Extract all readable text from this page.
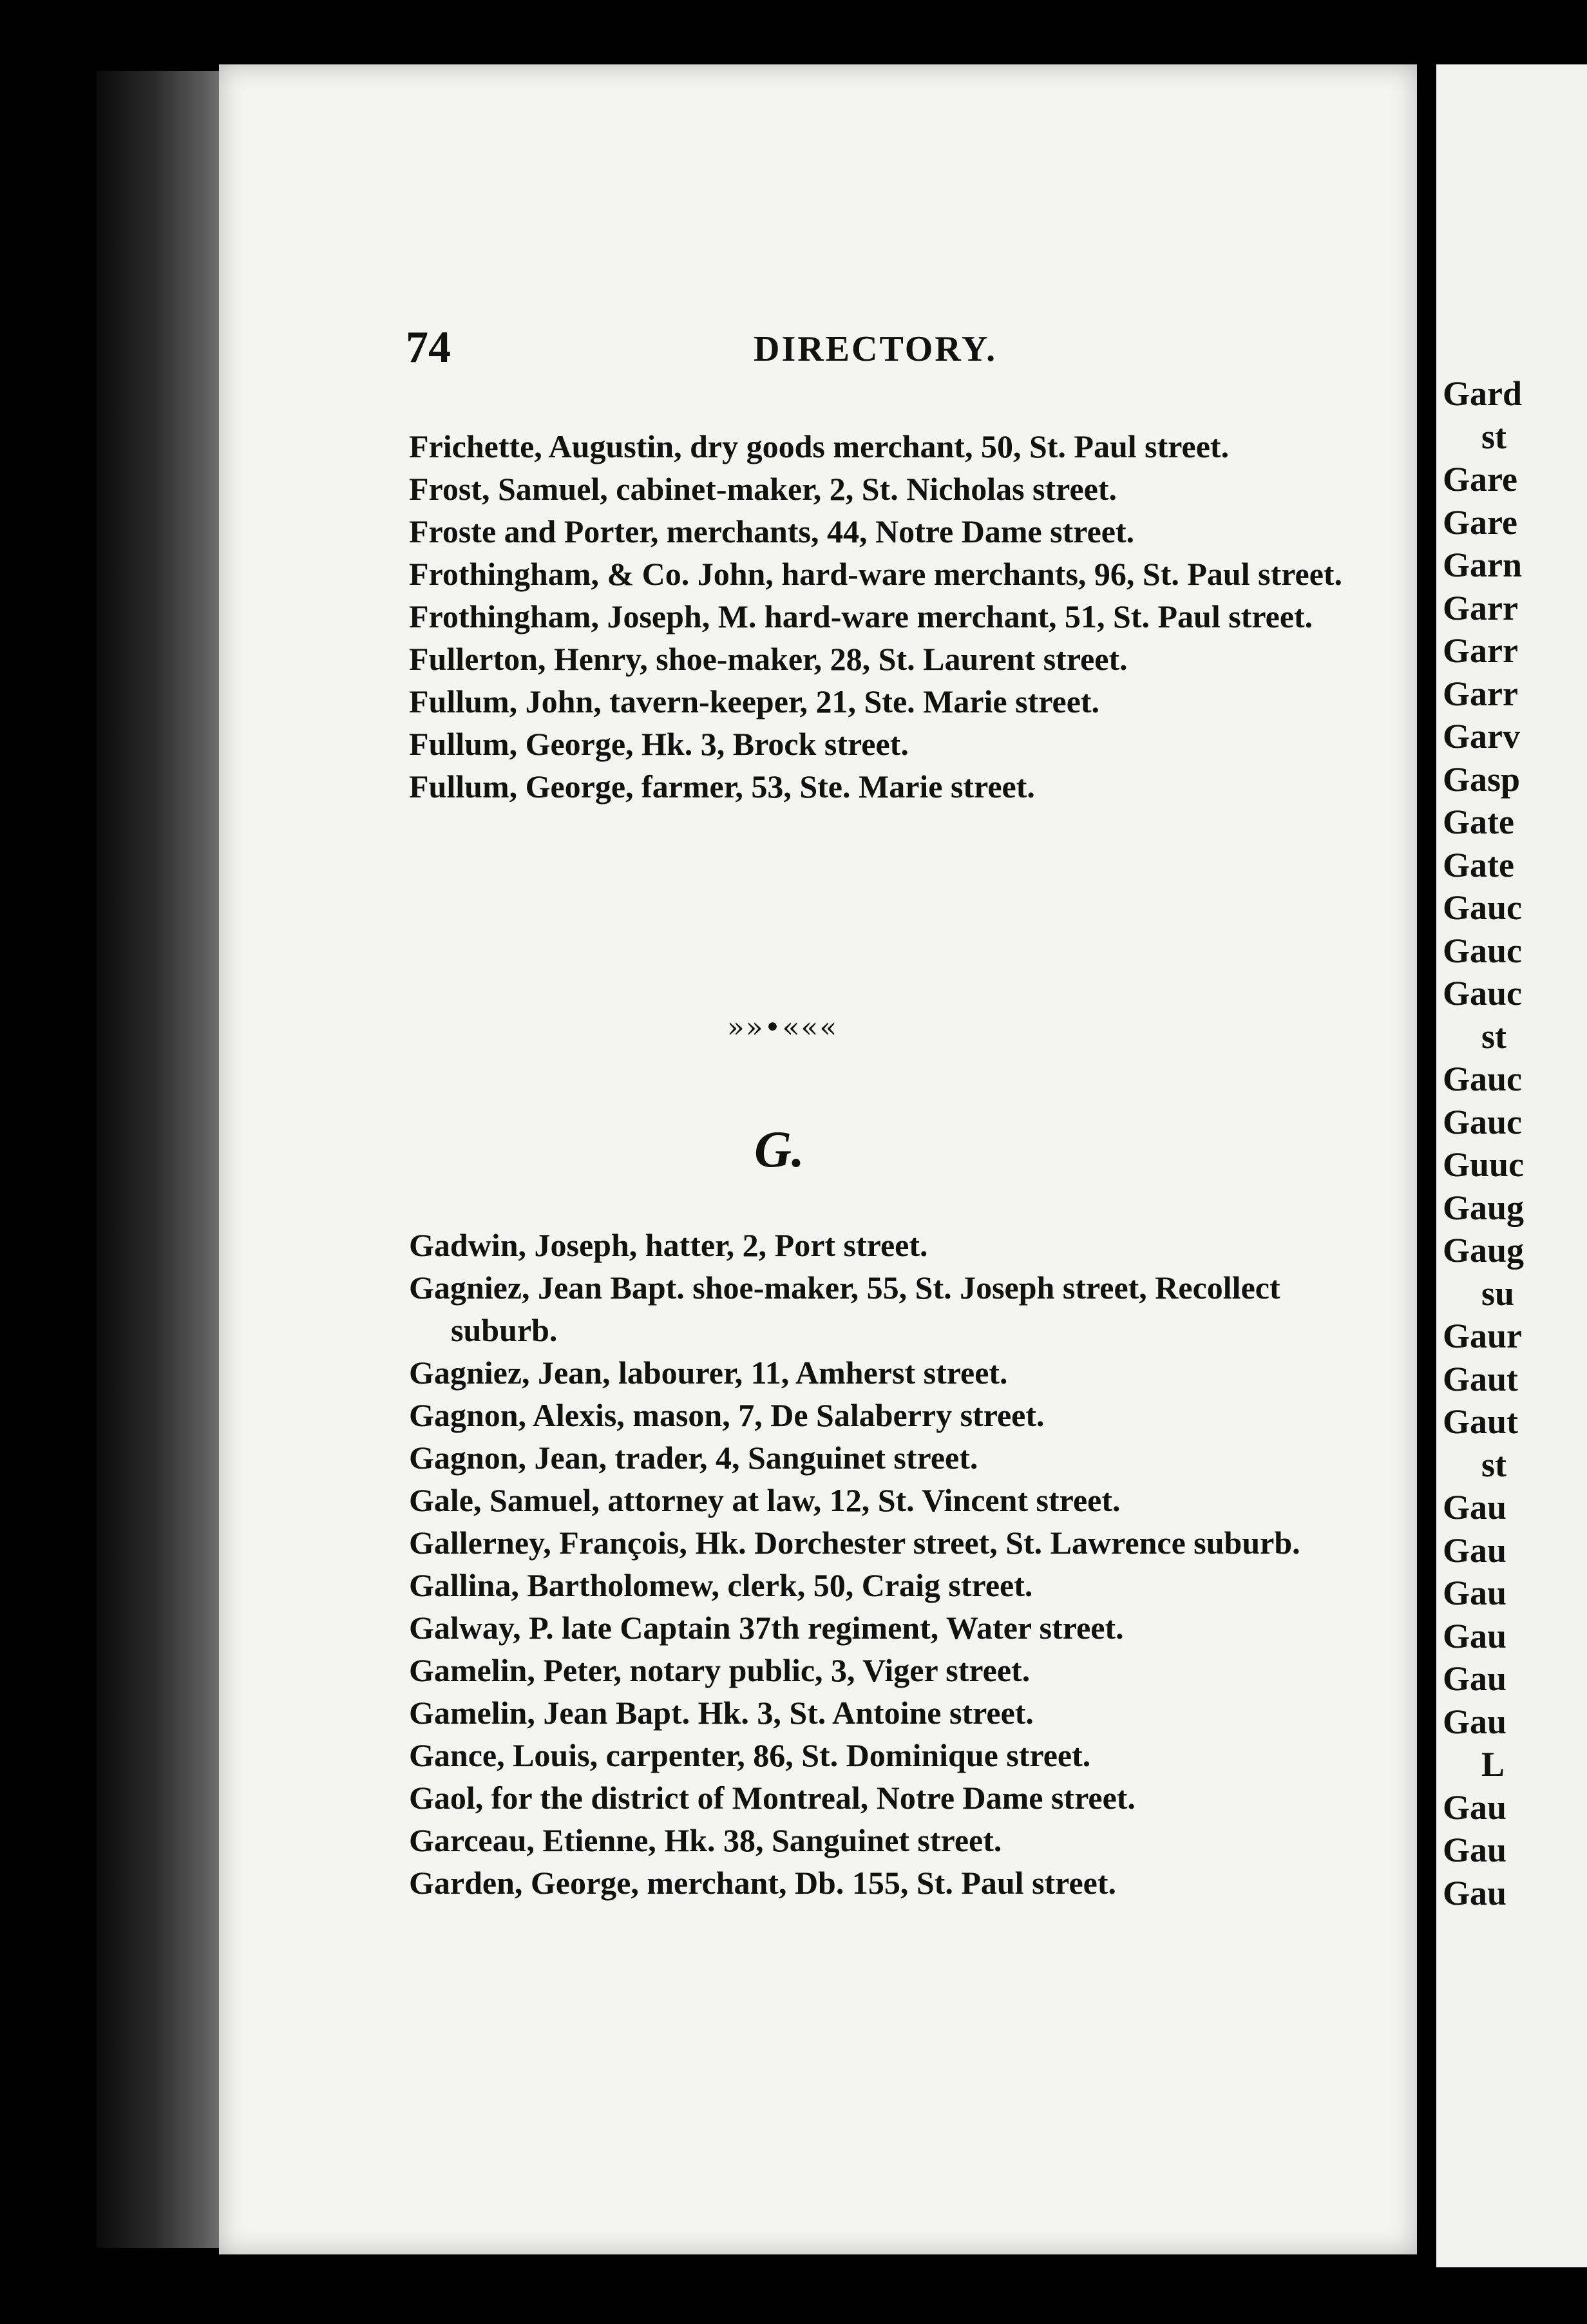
74	DIRECTORY.
Frichette, Augustin, dry goods merchant, 50, St. Paul street.
Frost, Samuel, cabinet-maker, 2, St. Nicholas street.
Froste and Porter, merchants, 44, Notre Dame street.
Frothingham, & Co. John, hard-ware merchants, 96, St. Paul street.
Frothingham, Joseph, M. hard-ware merchant, 51, St. Paul street.
Fullerton, Henry, shoe-maker, 28, St. Laurent street.
Fullum, John, tavern-keeper, 21, Ste. Marie street.
Fullum, George, Hk. 3, Brock street.
Fullum, George, farmer, 53, Ste. Marie street.
»»•«««
G.
Gadwin, Joseph, hatter, 2, Port street.
Gagniez, Jean Bapt. shoe-maker, 55, St. Joseph street, Recollect suburb.
Gagniez, Jean, labourer, 11, Amherst street.
Gagnon, Alexis, mason, 7, De Salaberry street.
Gagnon, Jean, trader, 4, Sanguinet street.
Gale, Samuel, attorney at law, 12, St. Vincent street.
Gallerney, François, Hk. Dorchester street, St. Lawrence suburb.
Gallina, Bartholomew, clerk, 50, Craig street.
Galway, P. late Captain 37th regiment, Water street.
Gamelin, Peter, notary public, 3, Viger street.
Gamelin, Jean Bapt. Hk. 3, St. Antoine street.
Gance, Louis, carpenter, 86, St. Dominique street.
Gaol, for the district of Montreal, Notre Dame street.
Garceau, Etienne, Hk. 38, Sanguinet street.
Garden, George, merchant, Db. 155, St. Paul street.
Gard
st
Gare
Gare
Garn
Garr
Garr
Garr
Garv
Gasp
Gate
Gate
Gauc
Gauc
Gauc
st
Gauc
Gauc
Guuc
Gaug
Gaug
su
Gaur
Gaut
Gaut
st
Gau
Gau
Gau
Gau
Gau
Gau
L
Gau
Gau
Gau
